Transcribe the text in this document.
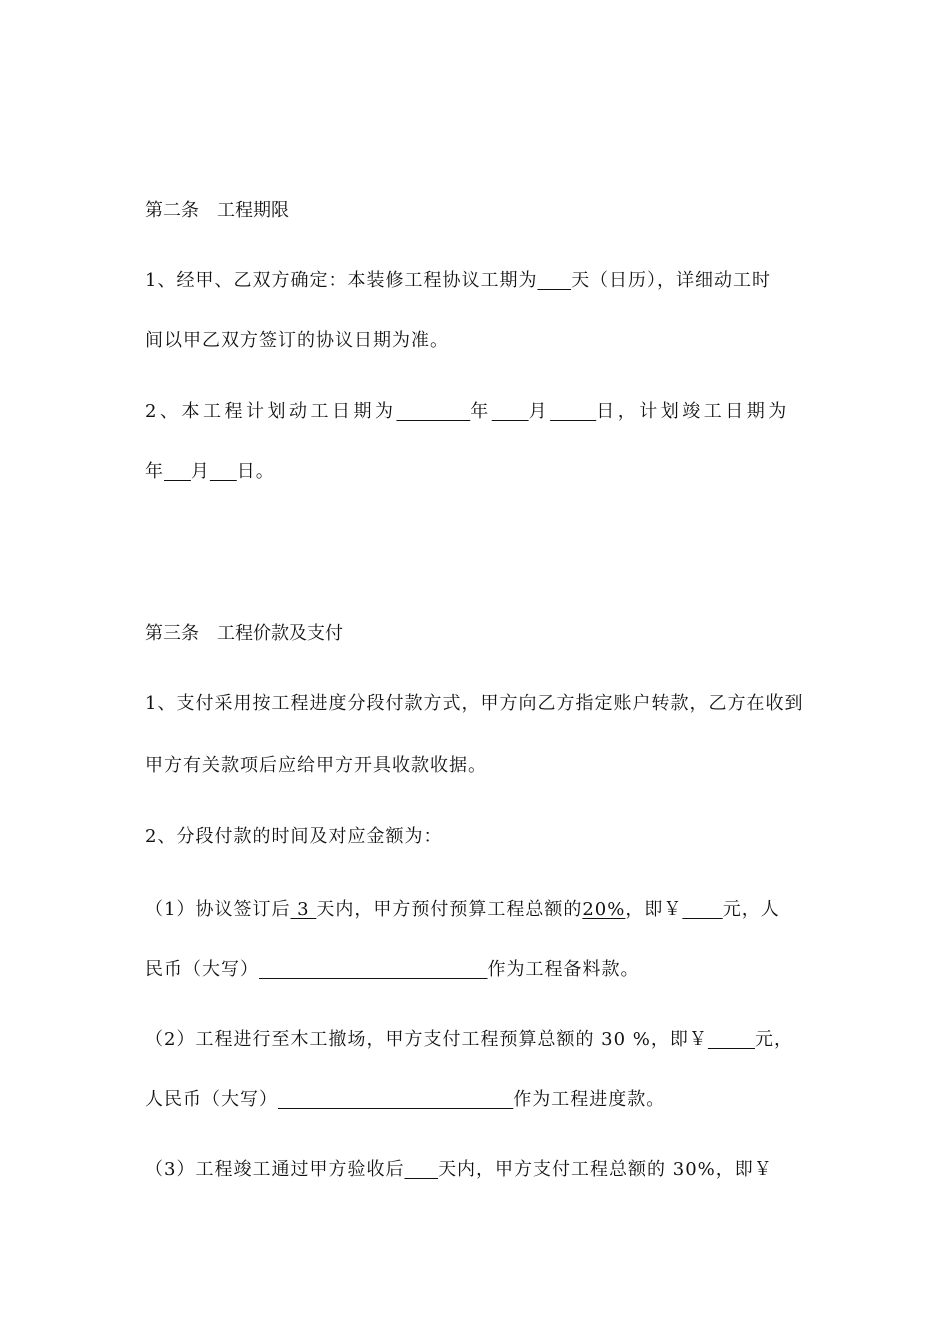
第二条　工程期限
1、经甲、乙双方确定：本装修工程协议工期为 天（日历），详细动工时
间以甲乙双方签订的协议日期为准。
2、本工程计划动工日期为	年 月	日，计划竣工日期为
年 月 日。
第三条　工程价款及支付
1、支付采用按工程进度分段付款方式，甲方向乙方指定账户转款，乙方在收到
甲方有关款项后应给甲方开具收款收据。
2、分段付款的时间及对应金额为：
（1）协议签订后 3 天内，甲方预付预算工程总额的20%，即￥ 元，人
民币（大写）	作为工程备料款。
（2）工程进行至木工撤场，甲方支付工程预算总额的 30 %，即￥	元，
人民币（大写）	作为工程进度款。
（3）工程竣工通过甲方验收后 天内，甲方支付工程总额的 30%，即￥
